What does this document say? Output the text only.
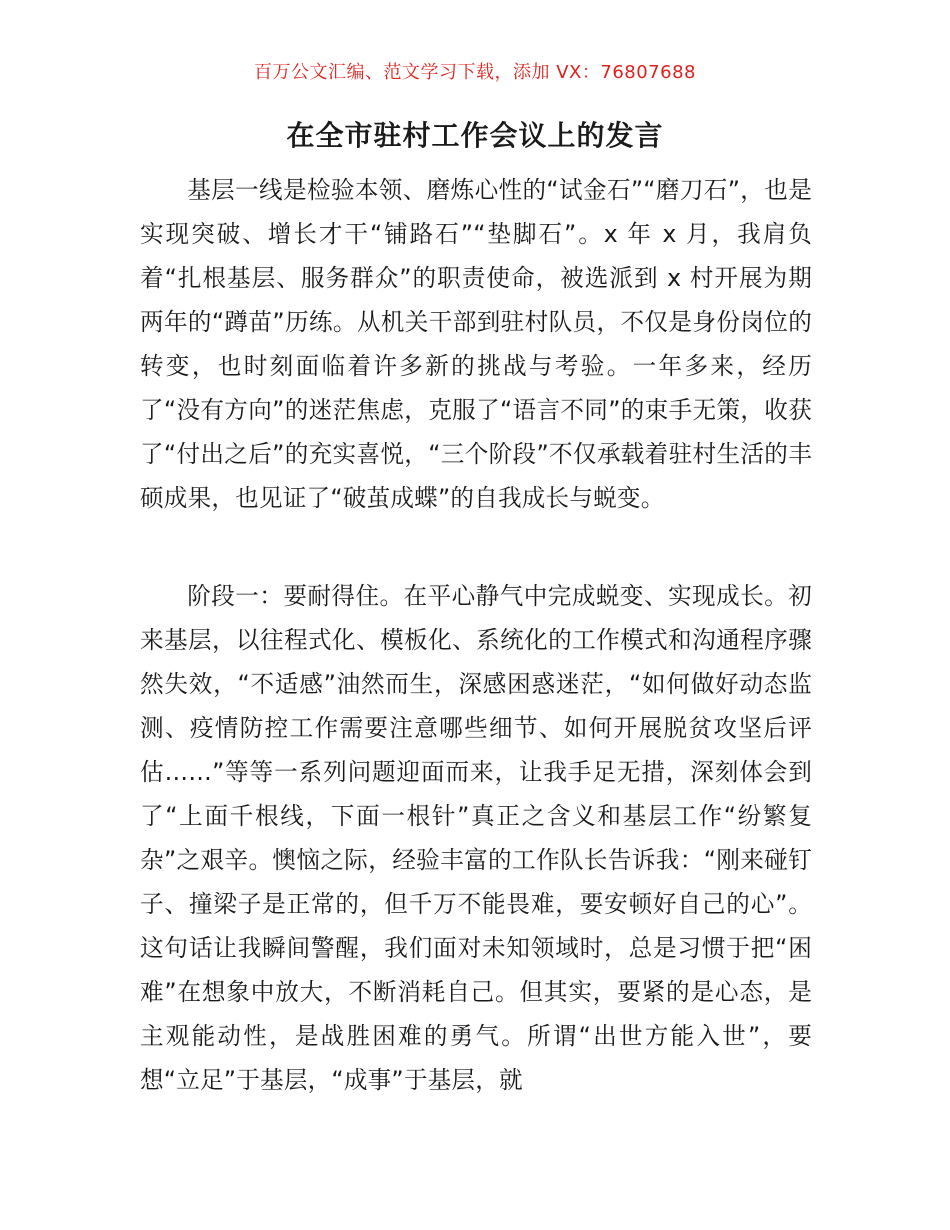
百万公文汇编、范文学习下载，添加 VX：76807688
在全市驻村工作会议上的发言

基层一线是检验本领、磨炼心性的“试金石”“磨刀石”，也是实现突破、增长才干“铺路石”“垫脚石”。x 年 x 月，我肩负着“扎根基层、服务群众”的职责使命，被选派到 x 村开展为期两年的“蹲苗”历练。从机关干部到驻村队员，不仅是身份岗位的转变，也时刻面临着许多新的挑战与考验。一年多来，经历了“没有方向”的迷茫焦虑，克服了“语言不同”的束手无策，收获了“付出之后”的充实喜悦，“三个阶段”不仅承载着驻村生活的丰硕成果，也见证了“破茧成蝶”的自我成长与蜕变。

阶段一：要耐得住。在平心静气中完成蜕变、实现成长。初来基层，以往程式化、模板化、系统化的工作模式和沟通程序骤然失效，“不适感”油然而生，深感困惑迷茫，“如何做好动态监测、疫情防控工作需要注意哪些细节、如何开展脱贫攻坚后评估……”等等一系列问题迎面而来，让我手足无措，深刻体会到了“上面千根线，下面一根针”真正之含义和基层工作“纷繁复杂”之艰辛。懊恼之际，经验丰富的工作队长告诉我：“刚来碰钉子、撞梁子是正常的，但千万不能畏难，要安顿好自己的心”。这句话让我瞬间警醒，我们面对未知领域时，总是习惯于把“困难”在想象中放大，不断消耗自己。但其实，要紧的是心态，是主观能动性，是战胜困难的勇气。所谓“出世方能入世”，要想“立足”于基层，“成事”于基层，就
